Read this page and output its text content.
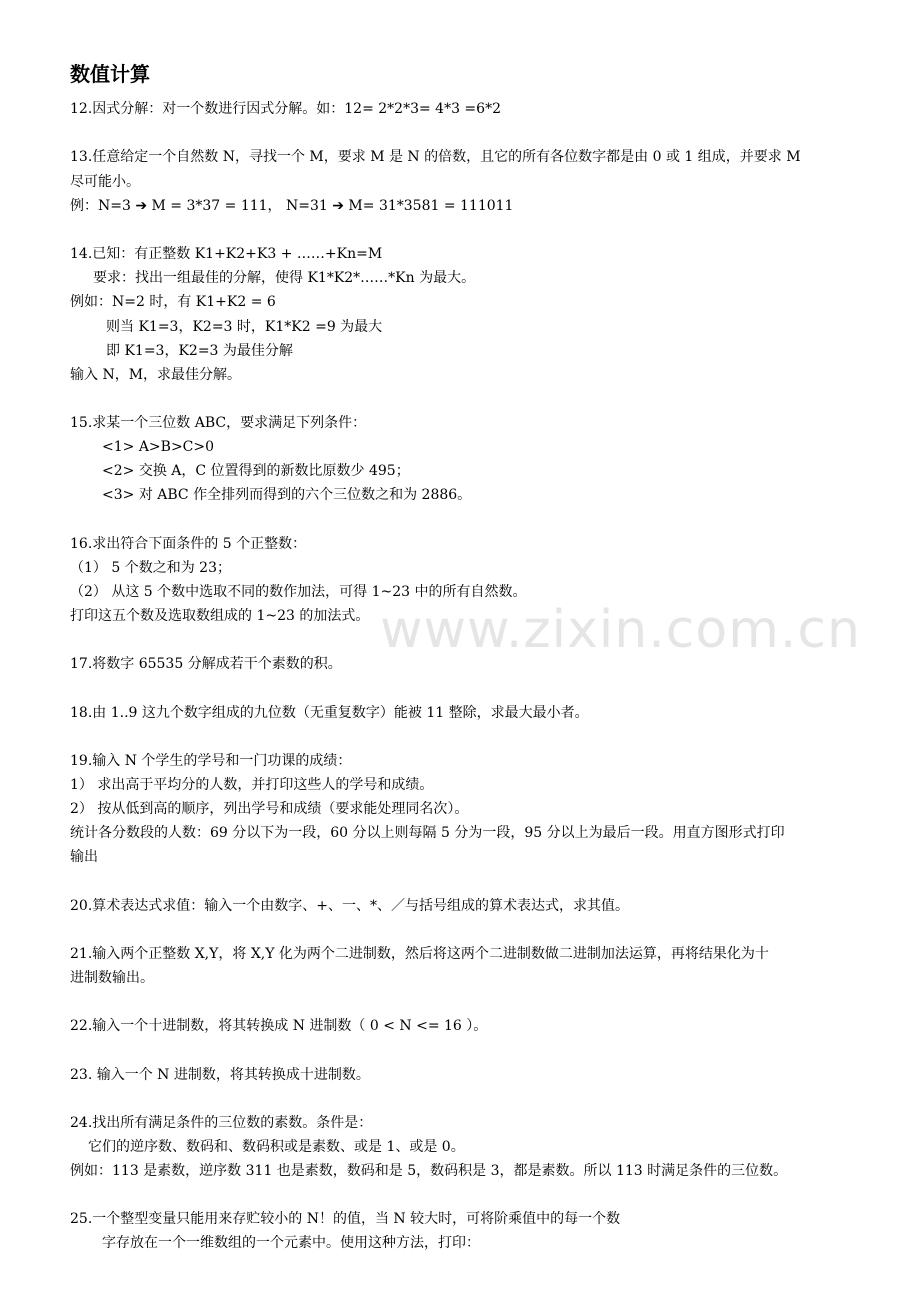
www.zixin.com.cn
数值计算
12.因式分解：对一个数进行因式分解。如：12= 2*2*3= 4*3 =6*2
13.任意给定一个自然数 N，寻找一个 M，要求 M 是 N 的倍数，且它的所有各位数字都是由 0 或 1 组成，并要求 M
尽可能小。
例：N=3 ➔ M = 3*37 = 111， N=31 ➔ M= 31*3581 = 111011
14.已知：有正整数 K1+K2+K3 + ……+Kn=M
要求：找出一组最佳的分解，使得 K1*K2*……*Kn 为最大。
例如：N=2 时，有 K1+K2 = 6
则当 K1=3，K2=3 时，K1*K2 =9 为最大
即 K1=3，K2=3 为最佳分解
输入 N，M，求最佳分解。
15.求某一个三位数 ABC，要求满足下列条件：
<1> A>B>C>0
<2> 交换 A，C 位置得到的新数比原数少 495；
<3> 对 ABC 作全排列而得到的六个三位数之和为 2886。
16.求出符合下面条件的 5 个正整数：
（1） 5 个数之和为 23；
（2） 从这 5 个数中选取不同的数作加法，可得 1~23 中的所有自然数。
打印这五个数及选取数组成的 1~23 的加法式。
17.将数字 65535 分解成若干个素数的积。
18.由 1..9 这九个数字组成的九位数（无重复数字）能被 11 整除，求最大最小者。
19.输入 N 个学生的学号和一门功课的成绩：
1） 求出高于平均分的人数，并打印这些人的学号和成绩。
2） 按从低到高的顺序，列出学号和成绩（要求能处理同名次）。
统计各分数段的人数：69 分以下为一段，60 分以上则每隔 5 分为一段，95 分以上为最后一段。用直方图形式打印
输出
20.算术表达式求值：输入一个由数字、+、一、*、／与括号组成的算术表达式，求其值。
21.输入两个正整数 X,Y，将 X,Y 化为两个二进制数，然后将这两个二进制数做二进制加法运算，再将结果化为十
进制数输出。
22.输入一个十进制数，将其转换成 N 进制数（ 0 < N <= 16 ）。
23. 输入一个 N 进制数，将其转换成十进制数。
24.找出所有满足条件的三位数的素数。条件是：
它们的逆序数、数码和、数码积或是素数、或是 1、或是 0。
例如：113 是素数，逆序数 311 也是素数，数码和是 5，数码积是 3，都是素数。所以 113 时满足条件的三位数。
25.一个整型变量只能用来存贮较小的 N！的值，当 N 较大时，可将阶乘值中的每一个数
字存放在一个一维数组的一个元素中。使用这种方法，打印：
